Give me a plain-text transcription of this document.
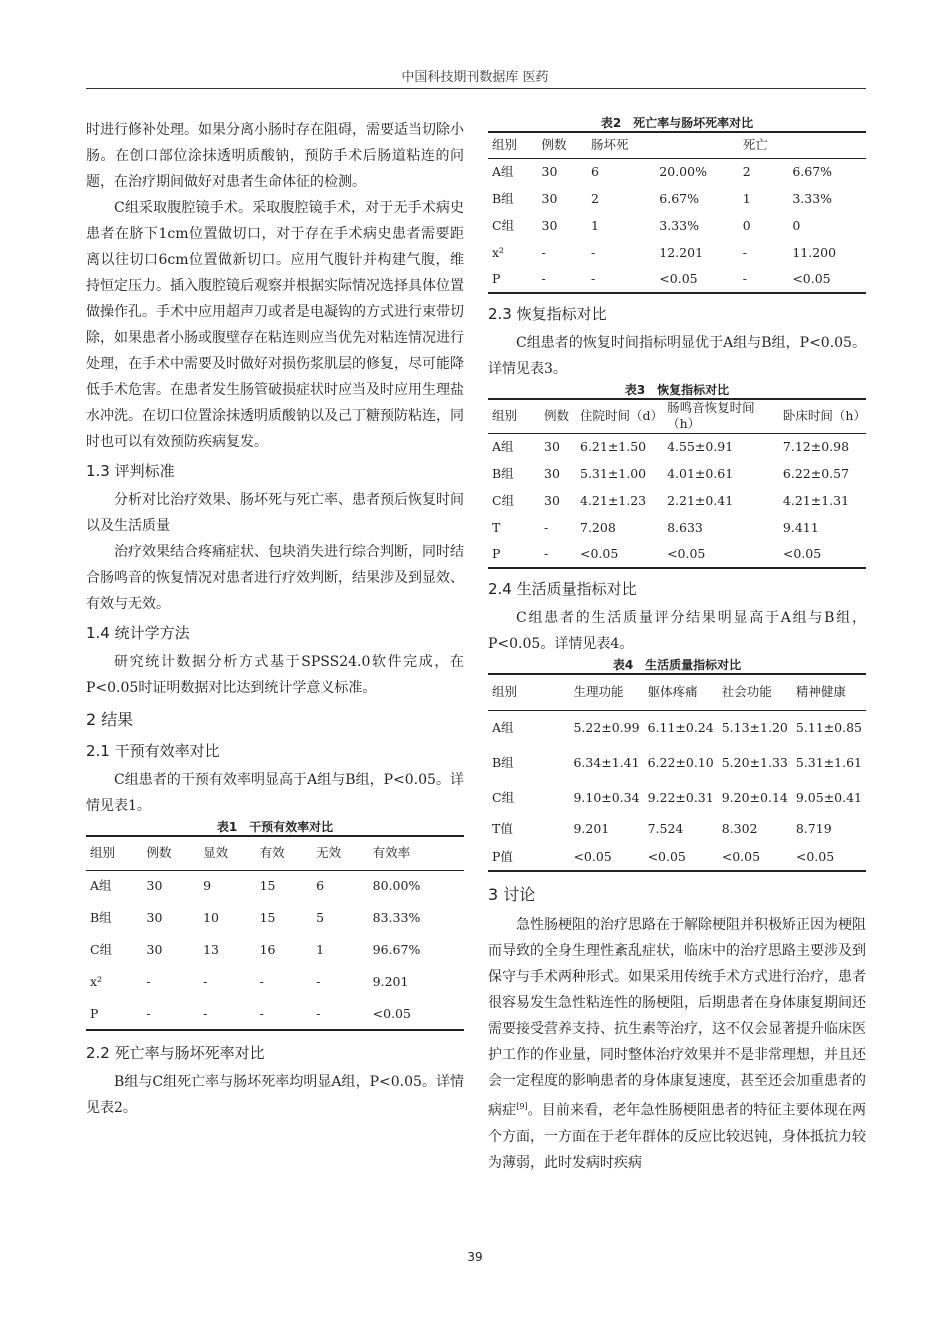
中国科技期刊数据库 医药

时进行修补处理。如果分离小肠时存在阻碍，需要适当切除小肠。在创口部位涂抹透明质酸钠，预防手术后肠道粘连的问题，在治疗期间做好对患者生命体征的检测。

C组采取腹腔镜手术。采取腹腔镜手术，对于无手术病史患者在脐下1cm位置做切口，对于存在手术病史患者需要距离以往切口6cm位置做新切口。应用气腹针并构建气腹，维持恒定压力。插入腹腔镜后观察并根据实际情况选择具体位置做操作孔。手术中应用超声刀或者是电凝钩的方式进行束带切除，如果患者小肠或腹壁存在粘连则应当优先对粘连情况进行处理，在手术中需要及时做好对损伤浆肌层的修复，尽可能降低手术危害。在患者发生肠管破损症状时应当及时应用生理盐水冲洗。在切口位置涂抹透明质酸钠以及己丁糖预防粘连，同时也可以有效预防疾病复发。

1.3 评判标准

分析对比治疗效果、肠坏死与死亡率、患者预后恢复时间以及生活质量

治疗效果结合疼痛症状、包块消失进行综合判断，同时结合肠鸣音的恢复情况对患者进行疗效判断，结果涉及到显效、有效与无效。

1.4 统计学方法

研究统计数据分析方式基于SPSS24.0软件完成，在P<0.05时证明数据对比达到统计学意义标准。

2 结果
2.1 干预有效率对比

C组患者的干预有效率明显高于A组与B组，P<0.05。详情见表1。

表1　干预有效率对比
组别	例数	显效	有效	无效	有效率
A组	30	9	15	6	80.00%
B组	30	10	15	5	83.33%
C组	30	13	16	1	96.67%
x²	-	-	-	-	9.201
P	-	-	-	-	<0.05
2.2 死亡率与肠坏死率对比

B组与C组死亡率与肠坏死率均明显A组，P<0.05。详情见表2。

表2　死亡率与肠坏死率对比
组别	例数	肠坏死		死亡	
A组	30	6	20.00%	2	6.67%
B组	30	2	6.67%	1	3.33%
C组	30	1	3.33%	0	0
x²	-	-	12.201	-	11.200
P	-	-	<0.05	-	<0.05
2.3 恢复指标对比

C组患者的恢复时间指标明显优于A组与B组，P<0.05。详情见表3。

表3　恢复指标对比
组别	例数	住院时间（d）	肠鸣音恢复时间（h）	卧床时间（h）
A组	30	6.21±1.50	4.55±0.91	7.12±0.98
B组	30	5.31±1.00	4.01±0.61	6.22±0.57
C组	30	4.21±1.23	2.21±0.41	4.21±1.31
T	-	7.208	8.633	9.411
P	-	<0.05	<0.05	<0.05
2.4 生活质量指标对比

C组患者的生活质量评分结果明显高于A组与B组，P<0.05。详情见表4。

表4　生活质量指标对比
组别	生理功能	躯体疼痛	社会功能	精神健康
A组	5.22±0.99	6.11±0.24	5.13±1.20	5.11±0.85
B组	6.34±1.41	6.22±0.10	5.20±1.33	5.31±1.61
C组	9.10±0.34	9.22±0.31	9.20±0.14	9.05±0.41
T值	9.201	7.524	8.302	8.719
P值	<0.05	<0.05	<0.05	<0.05
3 讨论

急性肠梗阻的治疗思路在于解除梗阻并积极矫正因为梗阻而导致的全身生理性紊乱症状，临床中的治疗思路主要涉及到保守与手术两种形式。如果采用传统手术方式进行治疗，患者很容易发生急性粘连性的肠梗阻，后期患者在身体康复期间还需要接受营养支持、抗生素等治疗，这不仅会显著提升临床医护工作的作业量，同时整体治疗效果并不是非常理想，并且还会一定程度的影响患者的身体康复速度，甚至还会加重患者的病症[9]。目前来看，老年急性肠梗阻患者的特征主要体现在两个方面，一方面在于老年群体的反应比较迟钝，身体抵抗力较为薄弱，此时发病时疾病

39
